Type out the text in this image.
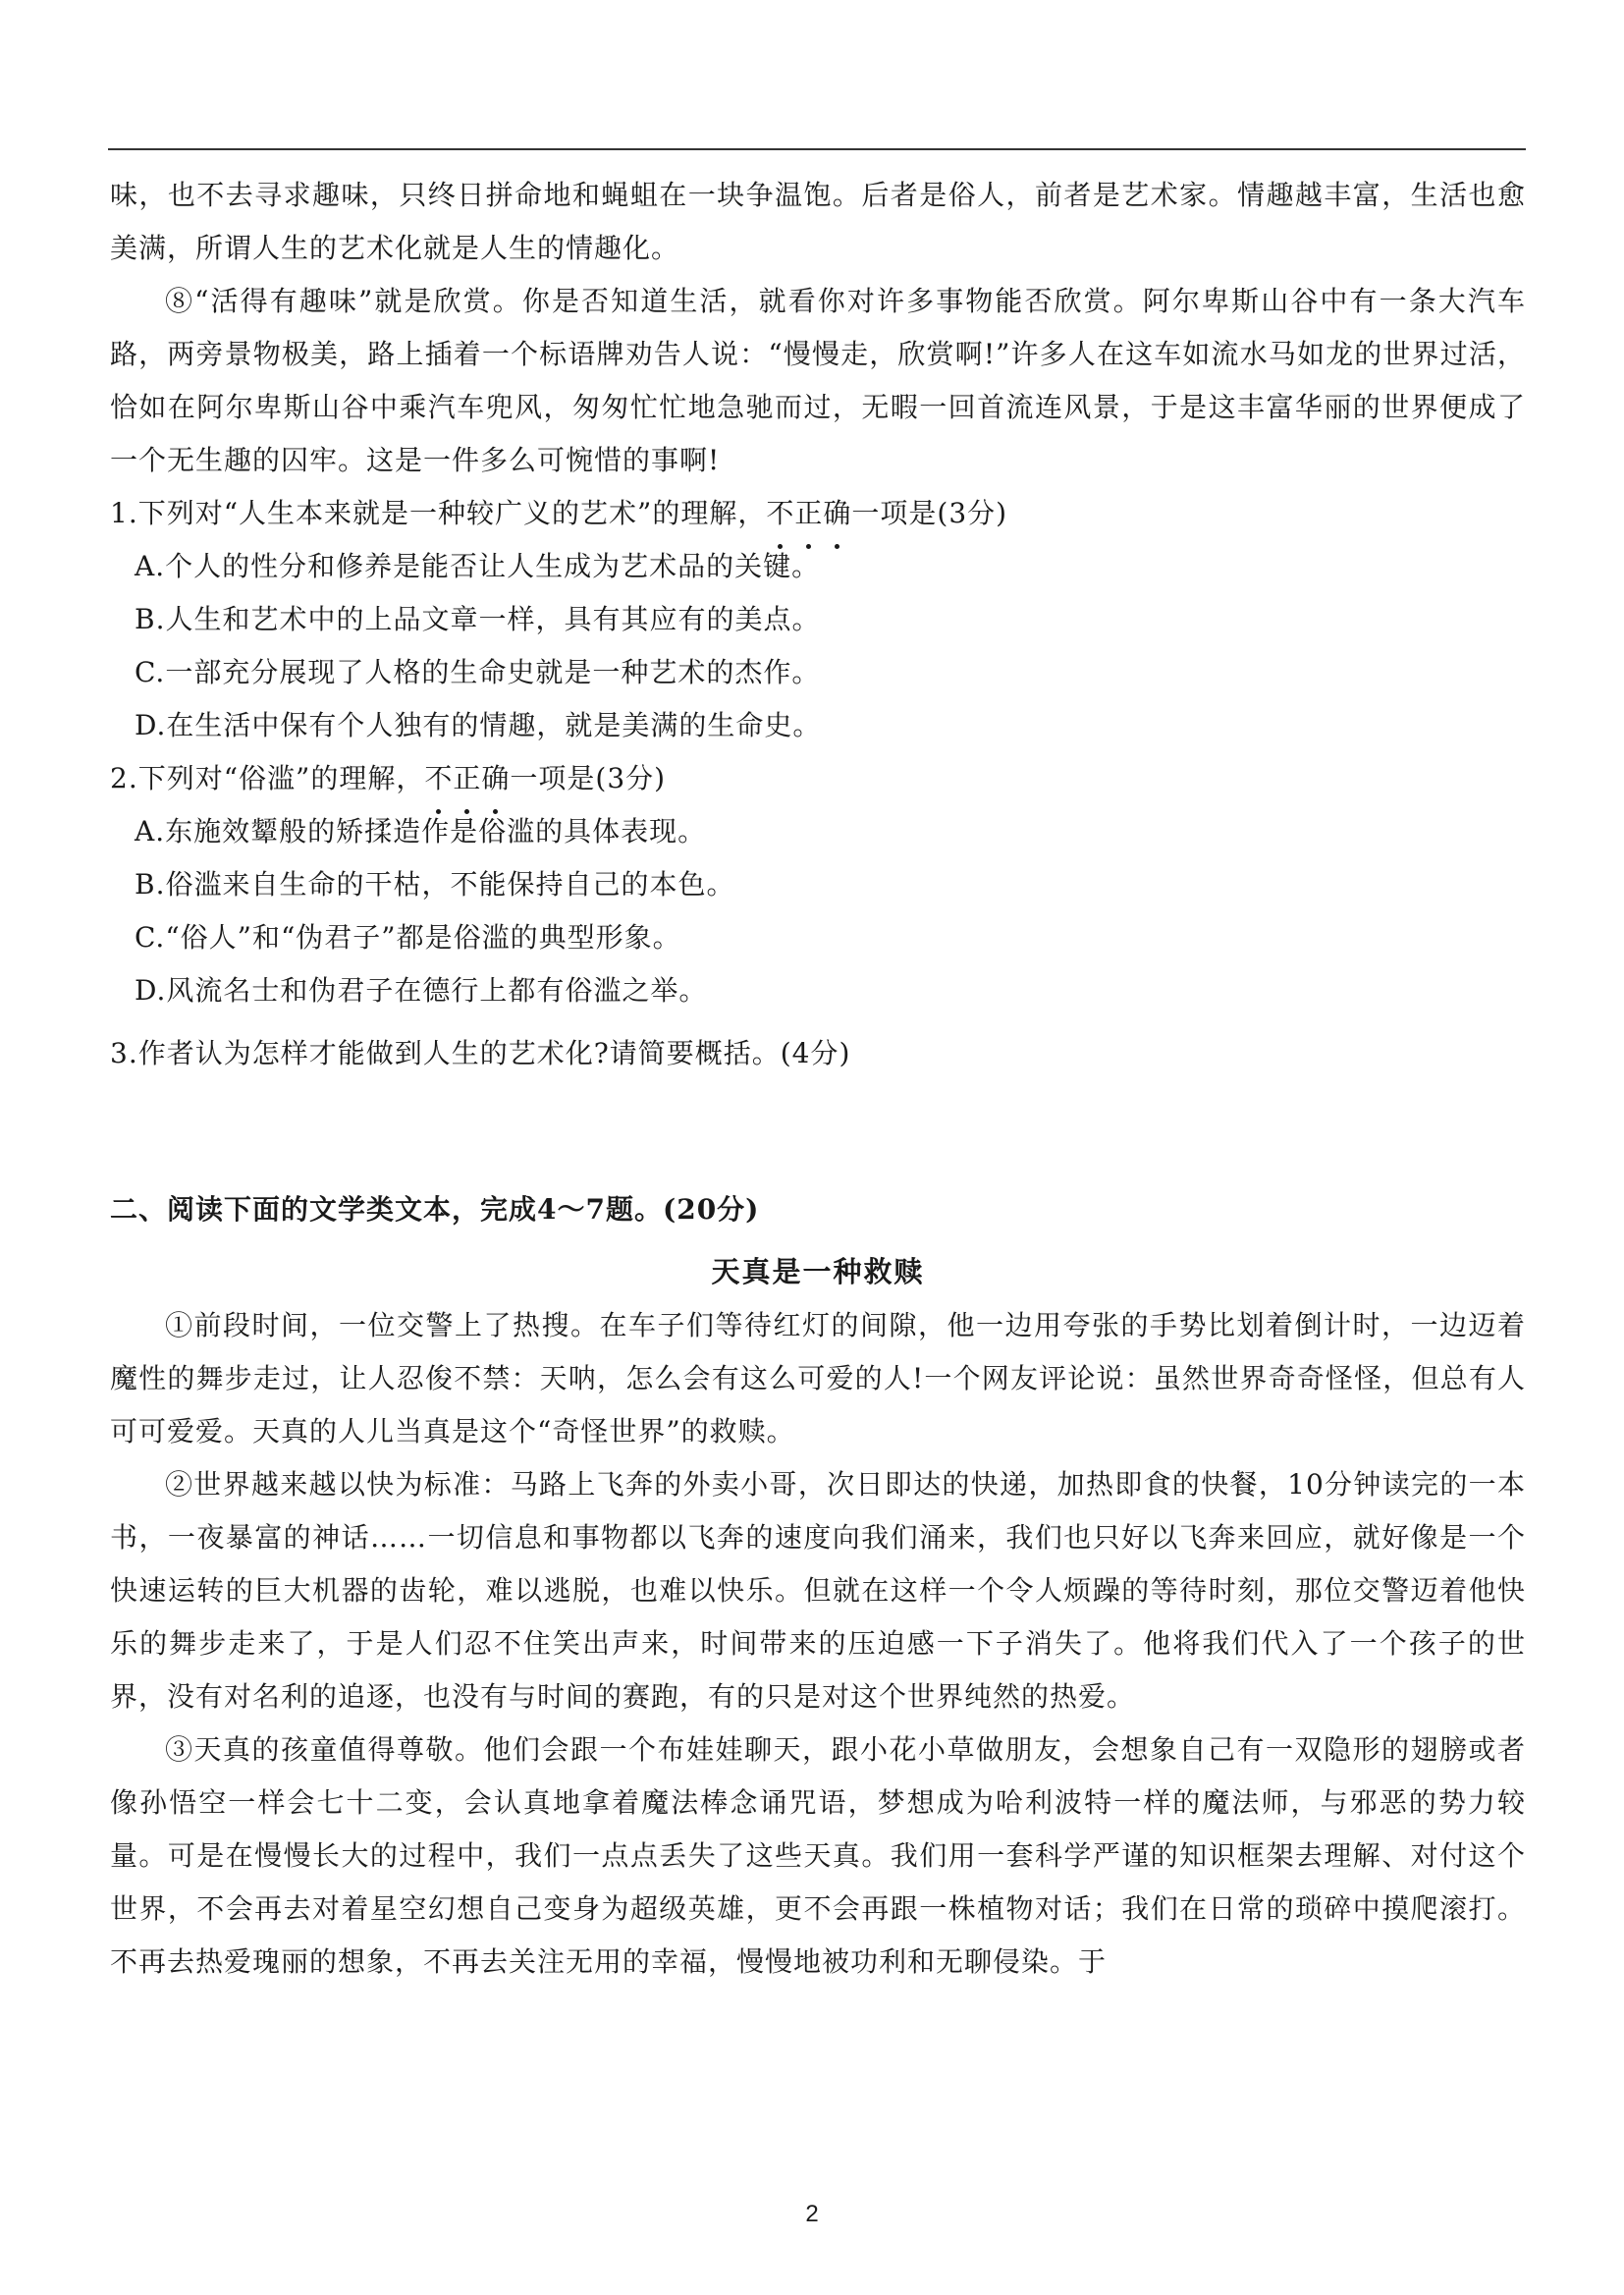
味，也不去寻求趣味，只终日拼命地和蝇蛆在一块争温饱。后者是俗人，前者是艺术家。情趣越丰富，生活也愈美满，所谓人生的艺术化就是人生的情趣化。

⑧“活得有趣味”就是欣赏。你是否知道生活，就看你对许多事物能否欣赏。阿尔卑斯山谷中有一条大汽车路，两旁景物极美，路上插着一个标语牌劝告人说：“慢慢走，欣赏啊!”许多人在这车如流水马如龙的世界过活，恰如在阿尔卑斯山谷中乘汽车兜风，匆匆忙忙地急驰而过，无暇一回首流连风景，于是这丰富华丽的世界便成了一个无生趣的囚牢。这是一件多么可惋惜的事啊!

1.下列对“人生本来就是一种较广义的艺术”的理解，不正确一项是(3分)

A.个人的性分和修养是能否让人生成为艺术品的关键。

B.人生和艺术中的上品文章一样，具有其应有的美点。

C.一部充分展现了人格的生命史就是一种艺术的杰作。

D.在生活中保有个人独有的情趣，就是美满的生命史。

2.下列对“俗滥”的理解，不正确一项是(3分)

A.东施效颦般的矫揉造作是俗滥的具体表现。

B.俗滥来自生命的干枯，不能保持自己的本色。

C.“俗人”和“伪君子”都是俗滥的典型形象。

D.风流名士和伪君子在德行上都有俗滥之举。

3.作者认为怎样才能做到人生的艺术化?请简要概括。(4分)

二、阅读下面的文学类文本，完成4～7题。(20分)
天真是一种救赎

①前段时间，一位交警上了热搜。在车子们等待红灯的间隙，他一边用夸张的手势比划着倒计时，一边迈着魔性的舞步走过，让人忍俊不禁：天呐，怎么会有这么可爱的人!一个网友评论说：虽然世界奇奇怪怪，但总有人可可爱爱。天真的人儿当真是这个“奇怪世界”的救赎。

②世界越来越以快为标准：马路上飞奔的外卖小哥，次日即达的快递，加热即食的快餐，10分钟读完的一本书，一夜暴富的神话……一切信息和事物都以飞奔的速度向我们涌来，我们也只好以飞奔来回应，就好像是一个快速运转的巨大机器的齿轮，难以逃脱，也难以快乐。但就在这样一个令人烦躁的等待时刻，那位交警迈着他快乐的舞步走来了，于是人们忍不住笑出声来，时间带来的压迫感一下子消失了。他将我们代入了一个孩子的世界，没有对名利的追逐，也没有与时间的赛跑，有的只是对这个世界纯然的热爱。

③天真的孩童值得尊敬。他们会跟一个布娃娃聊天，跟小花小草做朋友，会想象自己有一双隐形的翅膀或者像孙悟空一样会七十二变，会认真地拿着魔法棒念诵咒语，梦想成为哈利波特一样的魔法师，与邪恶的势力较量。可是在慢慢长大的过程中，我们一点点丢失了这些天真。我们用一套科学严谨的知识框架去理解、对付这个世界，不会再去对着星空幻想自己变身为超级英雄，更不会再跟一株植物对话；我们在日常的琐碎中摸爬滚打。不再去热爱瑰丽的想象，不再去关注无用的幸福，慢慢地被功利和无聊侵染。于

2
